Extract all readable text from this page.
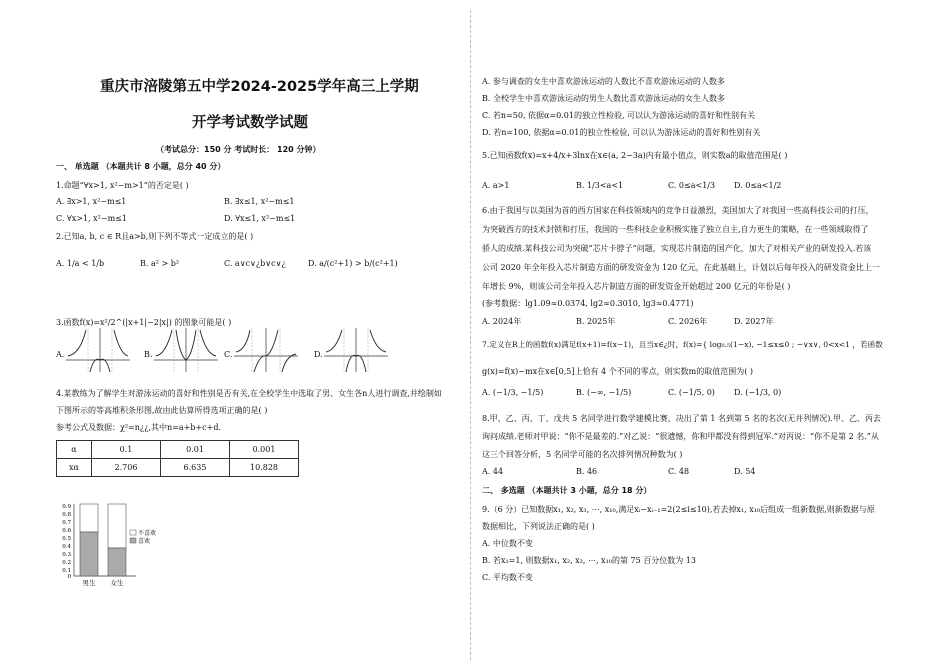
重庆市涪陵第五中学2024-2025学年高三上学期
开学考试数学试题
（考试总分：150 分 考试时长： 120 分钟）
一、 单选题 （本题共计 8 小题，总分 40 分）
1.命题“∀x>1, x²−m>1”的否定是( )
A. ∃x>1, x²−m≤1	B. ∃x≤1, x²−m≤1
C. ∀x>1, x²−m≤1	D. ∀x≤1, x²−m≤1
2.已知a, b, c ∈ R且a>b,则下列不等式一定成立的是( )
A. 1/a < 1/b	B. a² > b²	C. a∨c∨¿b∨c∨¿	D. a/(c²+1) > b/(c²+1)
3.函数f(x)=x²/2^(|x+1|−2|x|) 的图象可能是( )
A.	B.	C.	D.
4.某教练为了解学生对游泳运动的喜好和性别是否有关,在全校学生中选取了男、女生各n人进行调查,并绘制如
下图所示的等高堆积条形图,故由此估算所得选项正确的是( )
参考公式及数据：χ²=n¿¿,其中n=a+b+c+d.
α	0.1	0.01	0.001
xα	2.706	6.635	10.828
0.9
0.8
0.7
0.6
0.5
0.4
0.3
0.2
0.1
0
男生 女生
不喜欢
喜欢
A. 参与调查的女生中喜欢游泳运动的人数比不喜欢游泳运动的人数多
B. 全校学生中喜欢游泳运动的男生人数比喜欢游泳运动的女生人数多
C. 若n=50, 依据α=0.01的独立性检验, 可以认为游泳运动的喜好和性别有关
D. 若n=100, 依据α=0.01的独立性检验, 可以认为游泳运动的喜好和性别有关
5.已知函数f(x)=x+4/x+3lnx在x∈(a, 2−3a)内有最小值点，则实数a的取值范围是( )
A. a>1	B. 1/3<a<1	C. 0≤a<1/3 D. 0≤a<1/2
6.由于我国与以美国为首的西方国家在科技领域内的竞争日益激烈，美国加大了对我国一些高科技公司的打压，
为突破西方的技术封锁和打压，我国的一些科技企业积极实施了独立自主,自力更生的策略，在一些领域取得了
骄人的成绩.某科技公司为突破“芯片卡脖子”问题，实现芯片制造的国产化，加大了对相关产业的研发投入.若该
公司 2020 年全年投入芯片制造方面的研发资金为 120 亿元，在此基础上，计划以后每年投入的研发资金比上一
年增长 9%，则该公司全年投入芯片制造方面的研发资金开始超过 200 亿元的年份是( )
(参考数据：lg1.09≈0.0374, lg2≈0.3010, lg3≈0.4771)
A. 2024年	B. 2025年	C. 2026年	D. 2027年
7.定义在R上的函数f(x)满足f(x+1)=f(x−1)，且当x∈¿时，f(x)={ log₀.₅(1−x), −1≤x≤0 ; −∨x∨, 0<x<1 ，若函数
g(x)=f(x)−mx在x∈[0,5]上恰有 4 个不同的零点，则实数m的取值范围为( )
A. (−1/3, −1/5)	B. (−∞, −1/5)	C. (−1/5, 0) D. (−1/3, 0)
8.甲、乙、丙、丁、戊共 5 名同学进行数学建模比赛，决出了第 1 名到第 5 名的名次(无并列情况).甲、乙、丙去
询问成绩.老师对甲说：“你不是最差的.”对乙说：“很遗憾，你和甲都没有得到冠军.”对丙说：“你不是第 2 名.”从
这三个回答分析，5 名同学可能的名次排列情况种数为( )
A. 44	B. 46	C. 48	D. 54
二、 多选题 （本题共计 3 小题，总分 18 分）
9.（6 分）已知数据x₁, x₂, x₃, ⋯, x₁₀,满足xᵢ−xᵢ₋₁=2(2≤i≤10),若去掉x₁, x₁₀后组成一组新数据,则新数据与原
数据相比，下列说法正确的是( )
A. 中位数不变
B. 若x₁=1, 则数据x₁, x₂, x₃, ⋯, x₁₀的第 75 百分位数为 13
C. 平均数不变
